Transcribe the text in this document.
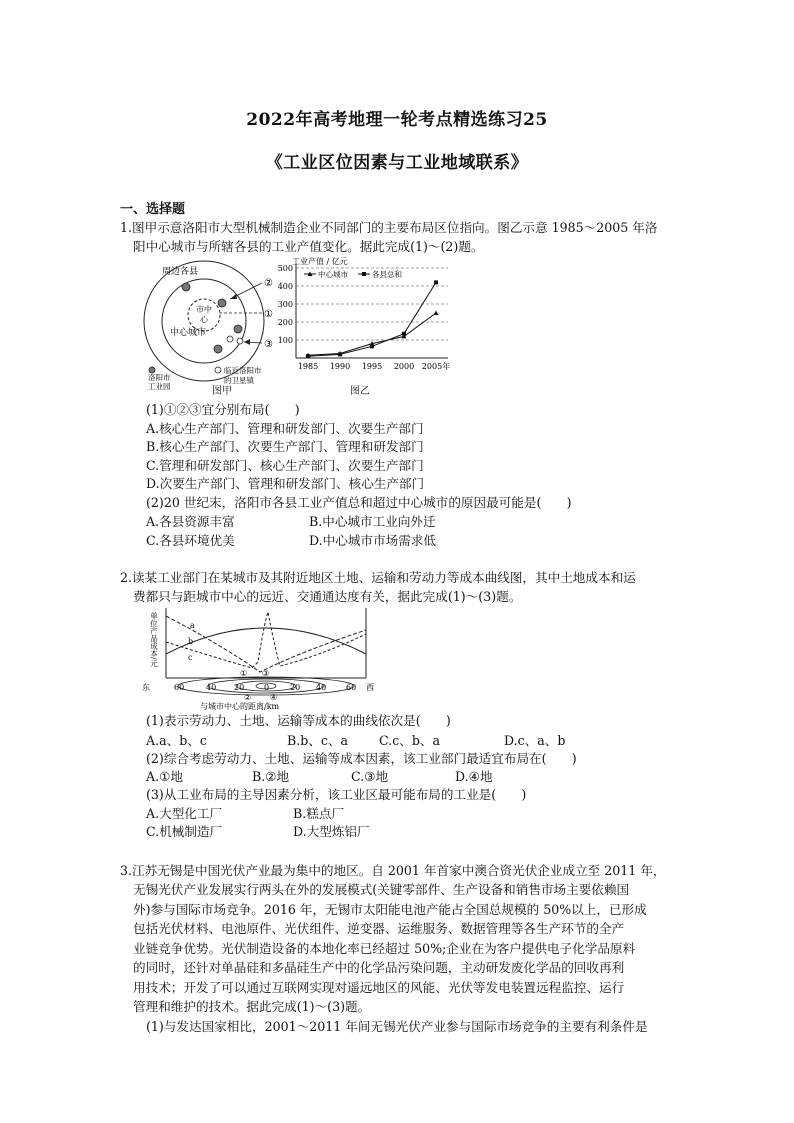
2022年高考地理一轮考点精选练习25
《工业区位因素与工业地域联系》
一、选择题
1.图甲示意洛阳市大型机械制造企业不同部门的主要布局区位指向。图乙示意 1985～2005 年洛
阳中心城市与所辖各县的工业产值变化。据此完成(1)～(2)题。
周边各县
中心城市
市中
心
②
①
③
洛阳市
工业园
临近洛阳市
的卫星镇
图甲
工业产值 / 亿元
100
200
300
400
500
1985 1990 1995 2000 2005年
中心城市	各县总和
图乙
(1)①②③宜分别布局(　　)
A.核心生产部门、管理和研发部门、次要生产部门
B.核心生产部门、次要生产部门、管理和研发部门
C.管理和研发部门、核心生产部门、次要生产部门
D.次要生产部门、管理和研发部门、核心生产部门
(2)20 世纪末，洛阳市各县工业产值总和超过中心城市的原因最可能是(　　)
A.各县资源丰富	B.中心城市工业向外迁
C.各县环境优美	D.中心城市市场需求低
2.读某工业部门在某城市及其附近地区土地、运输和劳动力等成本曲线图，其中土地成本和运
费都只与距城市中心的远近、交通通达度有关，据此完成(1)～(3)题。
单位产品成本/元	a
b
c
① ③
② ④
东	西
60	40 20 0	20 40 60
与城市中心的距离/km
(1)表示劳动力、土地、运输等成本的曲线依次是(　　)
A.a、b、c	B.b、c、a C.c、b、a	D.c、a、b
(2)综合考虑劳动力、土地、运输等成本因素，该工业部门最适宜布局在(　　)
A.①地	B.②地	C.③地	D.④地
(3)从工业布局的主导因素分析，该工业区最可能布局的工业是(　　)
A.大型化工厂	B.糕点厂
C.机械制造厂	D.大型炼铝厂
3.江苏无锡是中国光伏产业最为集中的地区。自 2001 年首家中澳合资光伏企业成立至 2011 年，
无锡光伏产业发展实行两头在外的发展模式(关键零部件、生产设备和销售市场主要依赖国
外)参与国际市场竞争。2016 年，无锡市太阳能电池产能占全国总规模的 50%以上，已形成
包括光伏材料、电池原件、光伏组件、逆变器、运维服务、数据管理等各生产环节的全产
业链竞争优势。光伏制造设备的本地化率已经超过 50%;企业在为客户提供电子化学品原料
的同时，还针对单晶硅和多晶硅生产中的化学品污染问题，主动研发废化学品的回收再利
用技术；开发了可以通过互联网实现对遥远地区的风能、光伏等发电装置远程监控、运行
管理和维护的技术。据此完成(1)～(3)题。
(1)与发达国家相比，2001～2011 年间无锡光伏产业参与国际市场竞争的主要有利条件是
